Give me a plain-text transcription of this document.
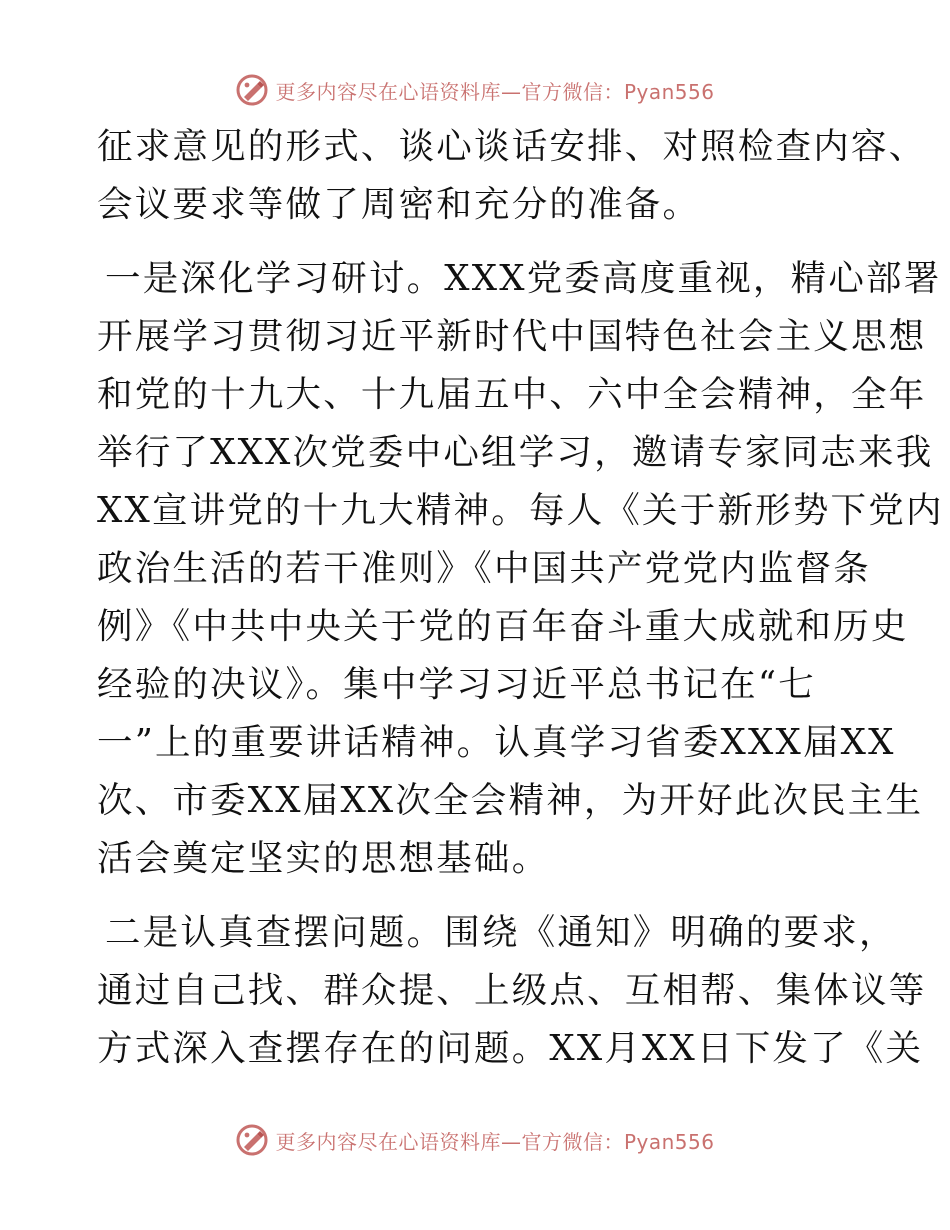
更多内容尽在心语资料库—官方微信：Pyan556

征求意见的形式、谈心谈话安排、对照检查内容、
会议要求等做了周密和充分的准备。

一是深化学习研讨。XXX党委高度重视，精心部署
开展学习贯彻习近平新时代中国特色社会主义思想
和党的十九大、十九届五中、六中全会精神，全年
举行了XXX次党委中心组学习，邀请专家同志来我
XX宣讲党的十九大精神。每人《关于新形势下党内
政治生活的若干准则》《中国共产党党内监督条
例》《中共中央关于党的百年奋斗重大成就和历史
经验的决议》。集中学习习近平总书记在“七
一”上的重要讲话精神。认真学习省委XXX届XX
次、市委XX届XX次全会精神，为开好此次民主生
活会奠定坚实的思想基础。

二是认真查摆问题。围绕《通知》明确的要求，
通过自己找、群众提、上级点、互相帮、集体议等
方式深入查摆存在的问题。XX月XX日下发了《关

更多内容尽在心语资料库—官方微信：Pyan556
